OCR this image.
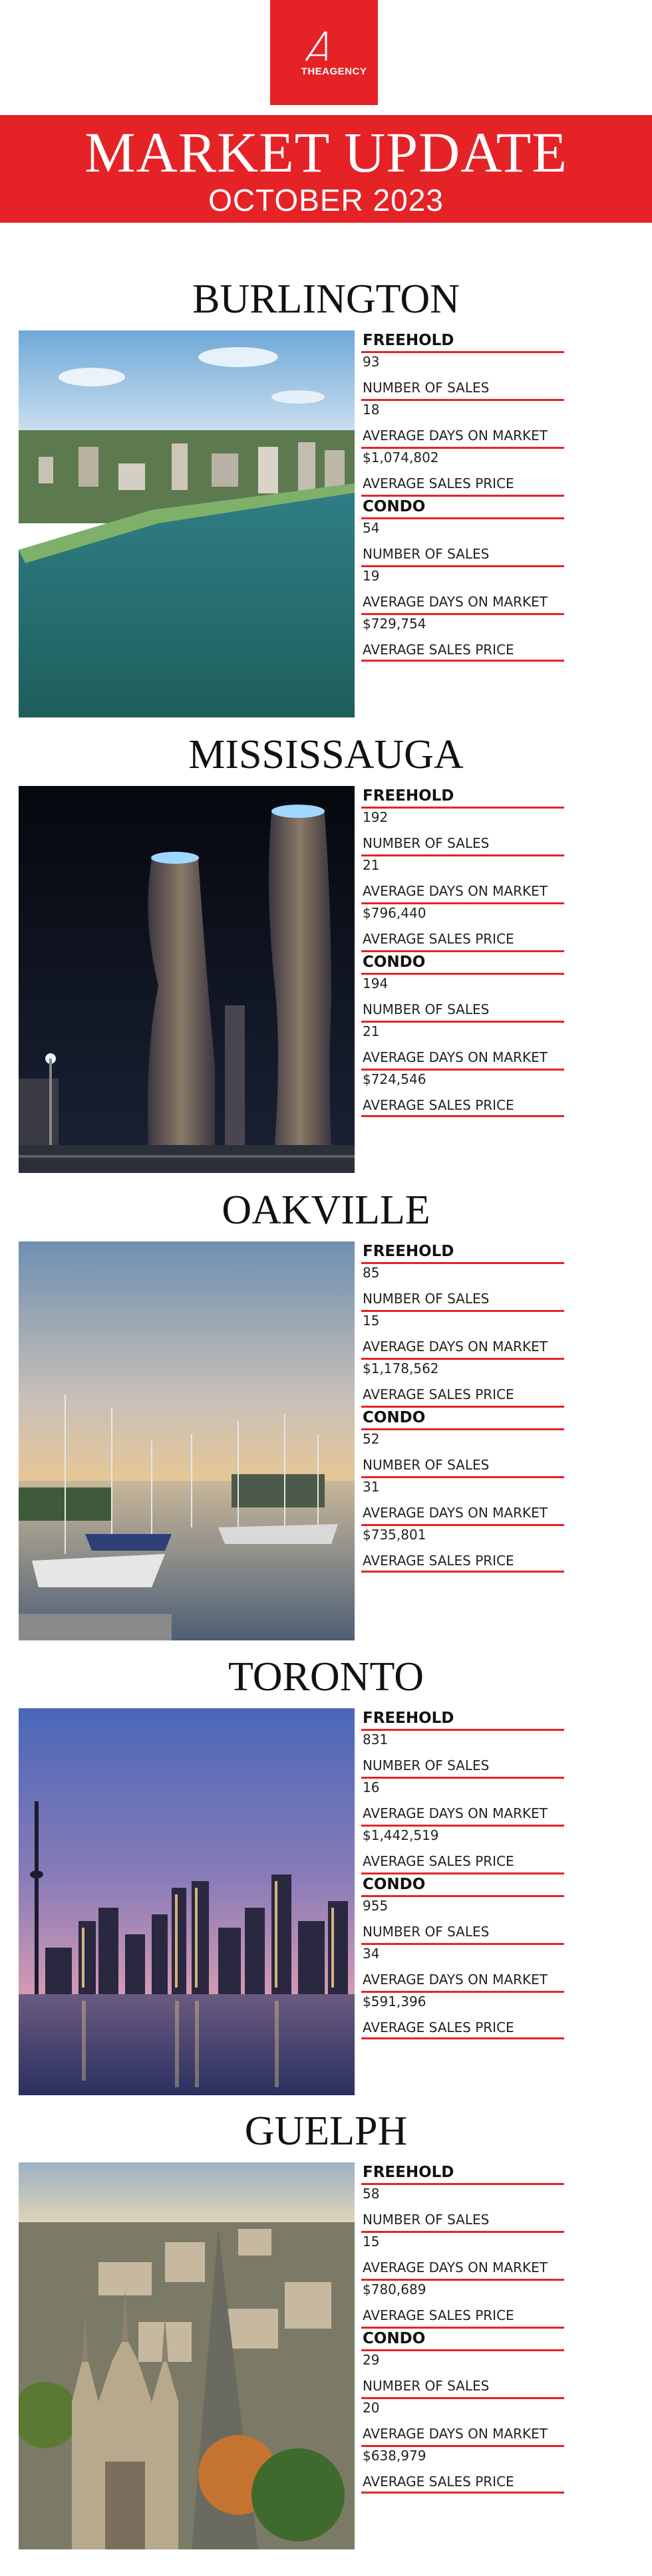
THEAGENCY
MARKET UPDATE
OCTOBER 2023
BURLINGTON
FREEHOLD
93
NUMBER OF SALES
18
AVERAGE DAYS ON MARKET
$1,074,802
AVERAGE SALES PRICE
CONDO
54
NUMBER OF SALES
19
AVERAGE DAYS ON MARKET
$729,754
AVERAGE SALES PRICE
MISSISSAUGA
FREEHOLD
192
NUMBER OF SALES
21
AVERAGE DAYS ON MARKET
$796,440
AVERAGE SALES PRICE
CONDO
194
NUMBER OF SALES
21
AVERAGE DAYS ON MARKET
$724,546
AVERAGE SALES PRICE
OAKVILLE
FREEHOLD
85
NUMBER OF SALES
15
AVERAGE DAYS ON MARKET
$1,178,562
AVERAGE SALES PRICE
CONDO
52
NUMBER OF SALES
31
AVERAGE DAYS ON MARKET
$735,801
AVERAGE SALES PRICE
TORONTO
FREEHOLD
831
NUMBER OF SALES
16
AVERAGE DAYS ON MARKET
$1,442,519
AVERAGE SALES PRICE
CONDO
955
NUMBER OF SALES
34
AVERAGE DAYS ON MARKET
$591,396
AVERAGE SALES PRICE
GUELPH
FREEHOLD
58
NUMBER OF SALES
15
AVERAGE DAYS ON MARKET
$780,689
AVERAGE SALES PRICE
CONDO
29
NUMBER OF SALES
20
AVERAGE DAYS ON MARKET
$638,979
AVERAGE SALES PRICE
